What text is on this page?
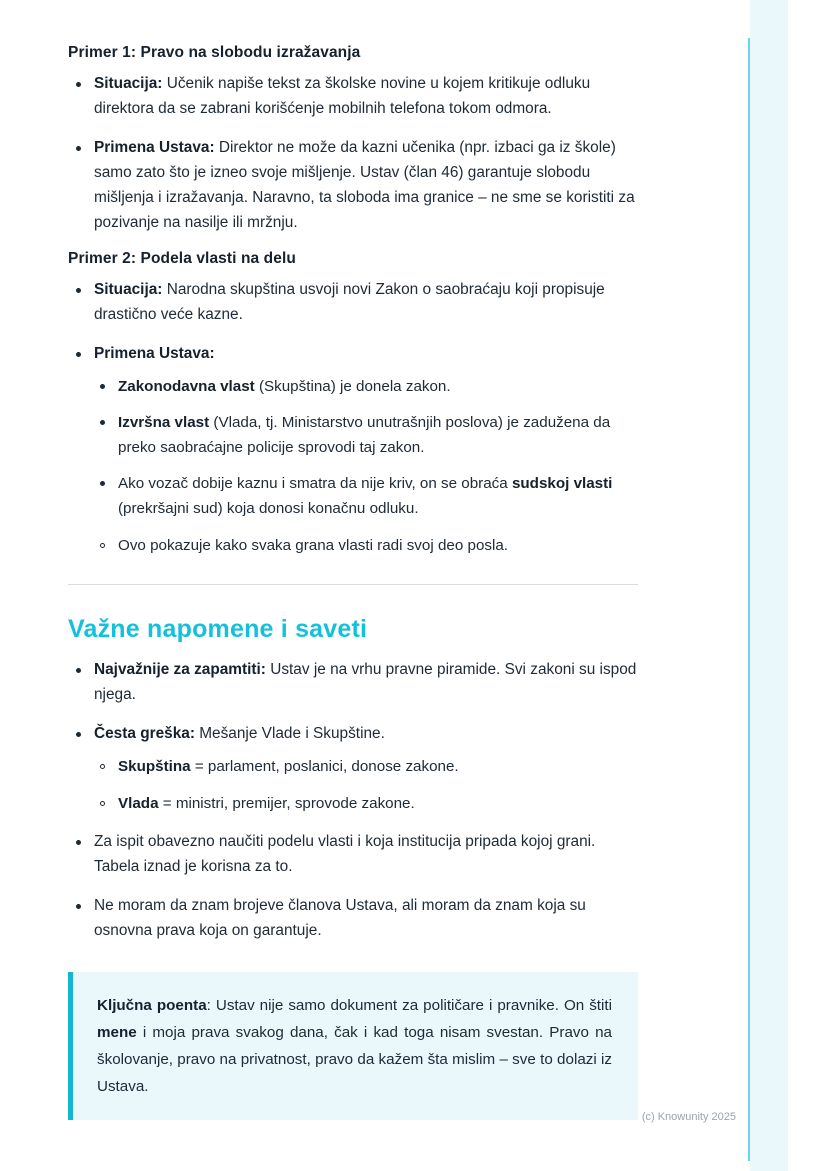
Primer 1: Pravo na slobodu izražavanja
Situacija: Učenik napiše tekst za školske novine u kojem kritikuje odluku direktora da se zabrani korišćenje mobilnih telefona tokom odmora.
Primena Ustava: Direktor ne može da kazni učenika (npr. izbaci ga iz škole) samo zato što je izneo svoje mišljenje. Ustav (član 46) garantuje slobodu mišljenja i izražavanja. Naravno, ta sloboda ima granice – ne sme se koristiti za pozivanje na nasilje ili mržnju.
Primer 2: Podela vlasti na delu
Situacija: Narodna skupština usvoji novi Zakon o saobraćaju koji propisuje drastično veće kazne.
Primena Ustava:
Zakonodavna vlast (Skupština) je donela zakon.
Izvršna vlast (Vlada, tj. Ministarstvo unutrašnjih poslova) je zadužena da preko saobraćajne policije sprovodi taj zakon.
Ako vozač dobije kaznu i smatra da nije kriv, on se obraća sudskoj vlasti (prekršajni sud) koja donosi konačnu odluku.
Ovo pokazuje kako svaka grana vlasti radi svoj deo posla.
Važne napomene i saveti
Najvažnije za zapamtiti: Ustav je na vrhu pravne piramide. Svi zakoni su ispod njega.
Česta greška: Mešanje Vlade i Skupštine.
Skupština = parlament, poslanici, donose zakone.
Vlada = ministri, premijer, sprovode zakone.
Za ispit obavezno naučiti podelu vlasti i koja institucija pripada kojoj grani. Tabela iznad je korisna za to.
Ne moram da znam brojeve članova Ustava, ali moram da znam koja su osnovna prava koja on garantuje.
Ključna poenta: Ustav nije samo dokument za političare i pravnike. On štiti mene i moja prava svakog dana, čak i kad toga nisam svestan. Pravo na školovanje, pravo na privatnost, pravo da kažem šta mislim – sve to dolazi iz Ustava.
(c) Knowunity 2025
